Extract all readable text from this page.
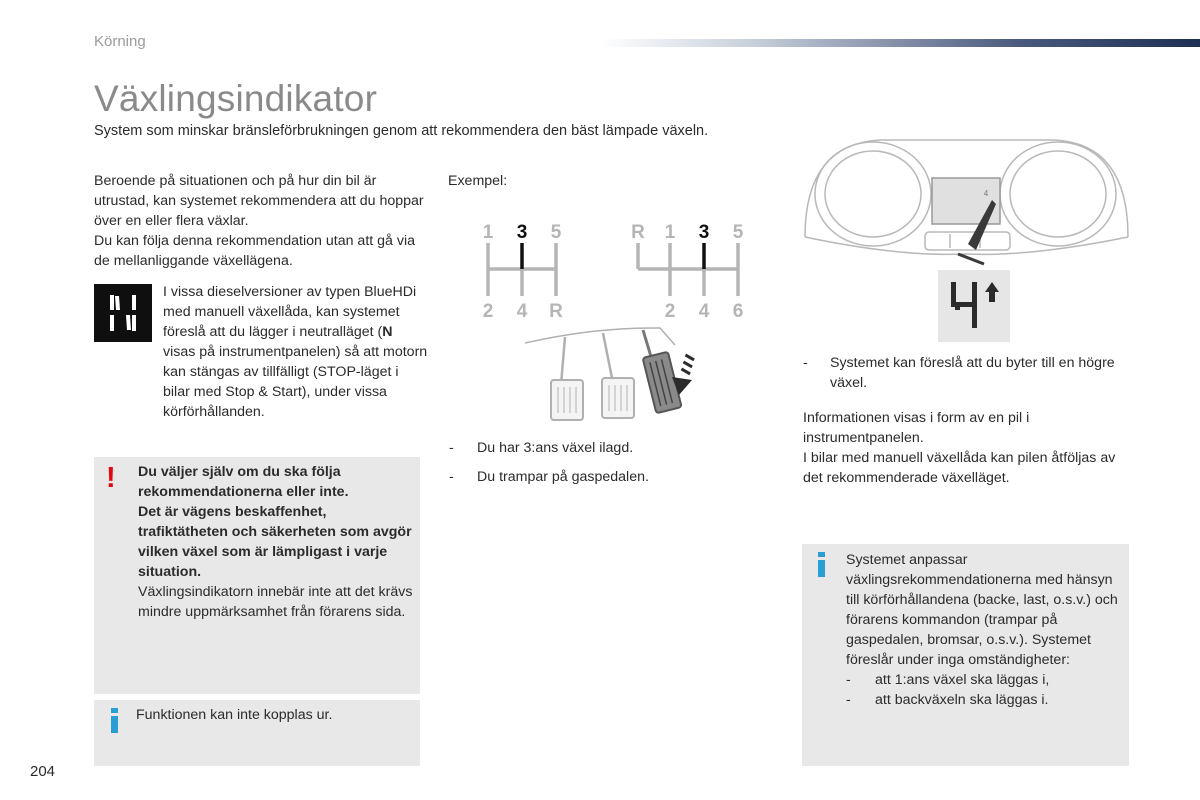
Körning
Växlingsindikator
System som minskar bränsleförbrukningen genom att rekommendera den bäst lämpade växeln.
Beroende på situationen och på hur din bil är utrustad, kan systemet rekommendera att du hoppar över en eller flera växlar.
Du kan följa denna rekommendation utan att gå via de mellanliggande växellägena.
I vissa dieselversioner av typen BlueHDi med manuell växellåda, kan systemet föreslå att du lägger i neutralläget (N visas på instrumentpanelen) så att motorn kan stängas av tillfälligt (STOP-läget i bilar med Stop & Start), under vissa körförhållanden.
! Du väljer själv om du ska följa rekommendationerna eller inte.
Det är vägens beskaffenhet, trafiktätheten och säkerheten som avgör vilken växel som är lämpligast i varje situation.
Växlingsindikatorn innebär inte att det krävs mindre uppmärksamhet från förarens sida.
Funktionen kan inte kopplas ur.
Exempel:
1 3 5
2 4 R
R 1 3 5
2 4 6
- Du har 3:ans växel ilagd.
- Du trampar på gaspedalen.
4
- Systemet kan föreslå att du byter till en högre växel.
Informationen visas i form av en pil i instrumentpanelen.
I bilar med manuell växellåda kan pilen åtföljas av det rekommenderade växelläget.
Systemet anpassar växlingsrekommendationerna med hänsyn till körförhållandena (backe, last, o.s.v.) och förarens kommandon (trampar på gaspedalen, bromsar, o.s.v.). Systemet föreslår under inga omständigheter:
- att 1:ans växel ska läggas i,
- att backväxeln ska läggas i.
204
